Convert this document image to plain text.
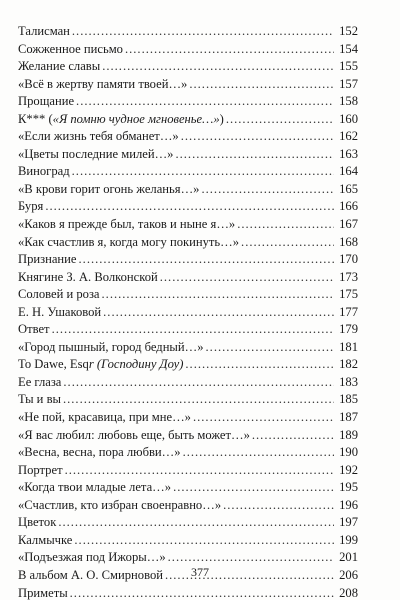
Талисман .....	152
Сожженное письмо .....	154
Желание славы .....	155
«Всё в жертву памяти твоей…» .....	157
Прощание .....	158
К*** («Я помню чудное мгновенье…») .....	160
«Если жизнь тебя обманет…» .....	162
«Цветы последние милей…» .....	163
Виноград .....	164
«В крови горит огонь желанья…» .....	165
Буря .....	166
«Каков я прежде был, таков и ныне я…» .....	167
«Как счастлив я, когда могу покинуть…» .....	168
Признание .....	170
Княгине З. А. Волконской .....	173
Соловей и роза .....	175
Е. Н. Ушаковой .....	177
Ответ .....	179
«Город пышный, город бедный…» .....	181
To Dawe, Esqr (Господину Доу) .....	182
Ее глаза .....	183
Ты и вы .....	185
«Не пой, красавица, при мне…» .....	187
«Я вас любил: любовь еще, быть может…» .....	189
«Весна, весна, пора любви…» .....	190
Портрет .....	192
«Когда твои младые лета…» .....	195
«Счастлив, кто избран своенравно…» .....	196
Цветок .....	197
Калмычке .....	199
«Подъезжая под Ижоры…» .....	201
В альбом А. О. Смирновой .....	206
Приметы .....	208
377
